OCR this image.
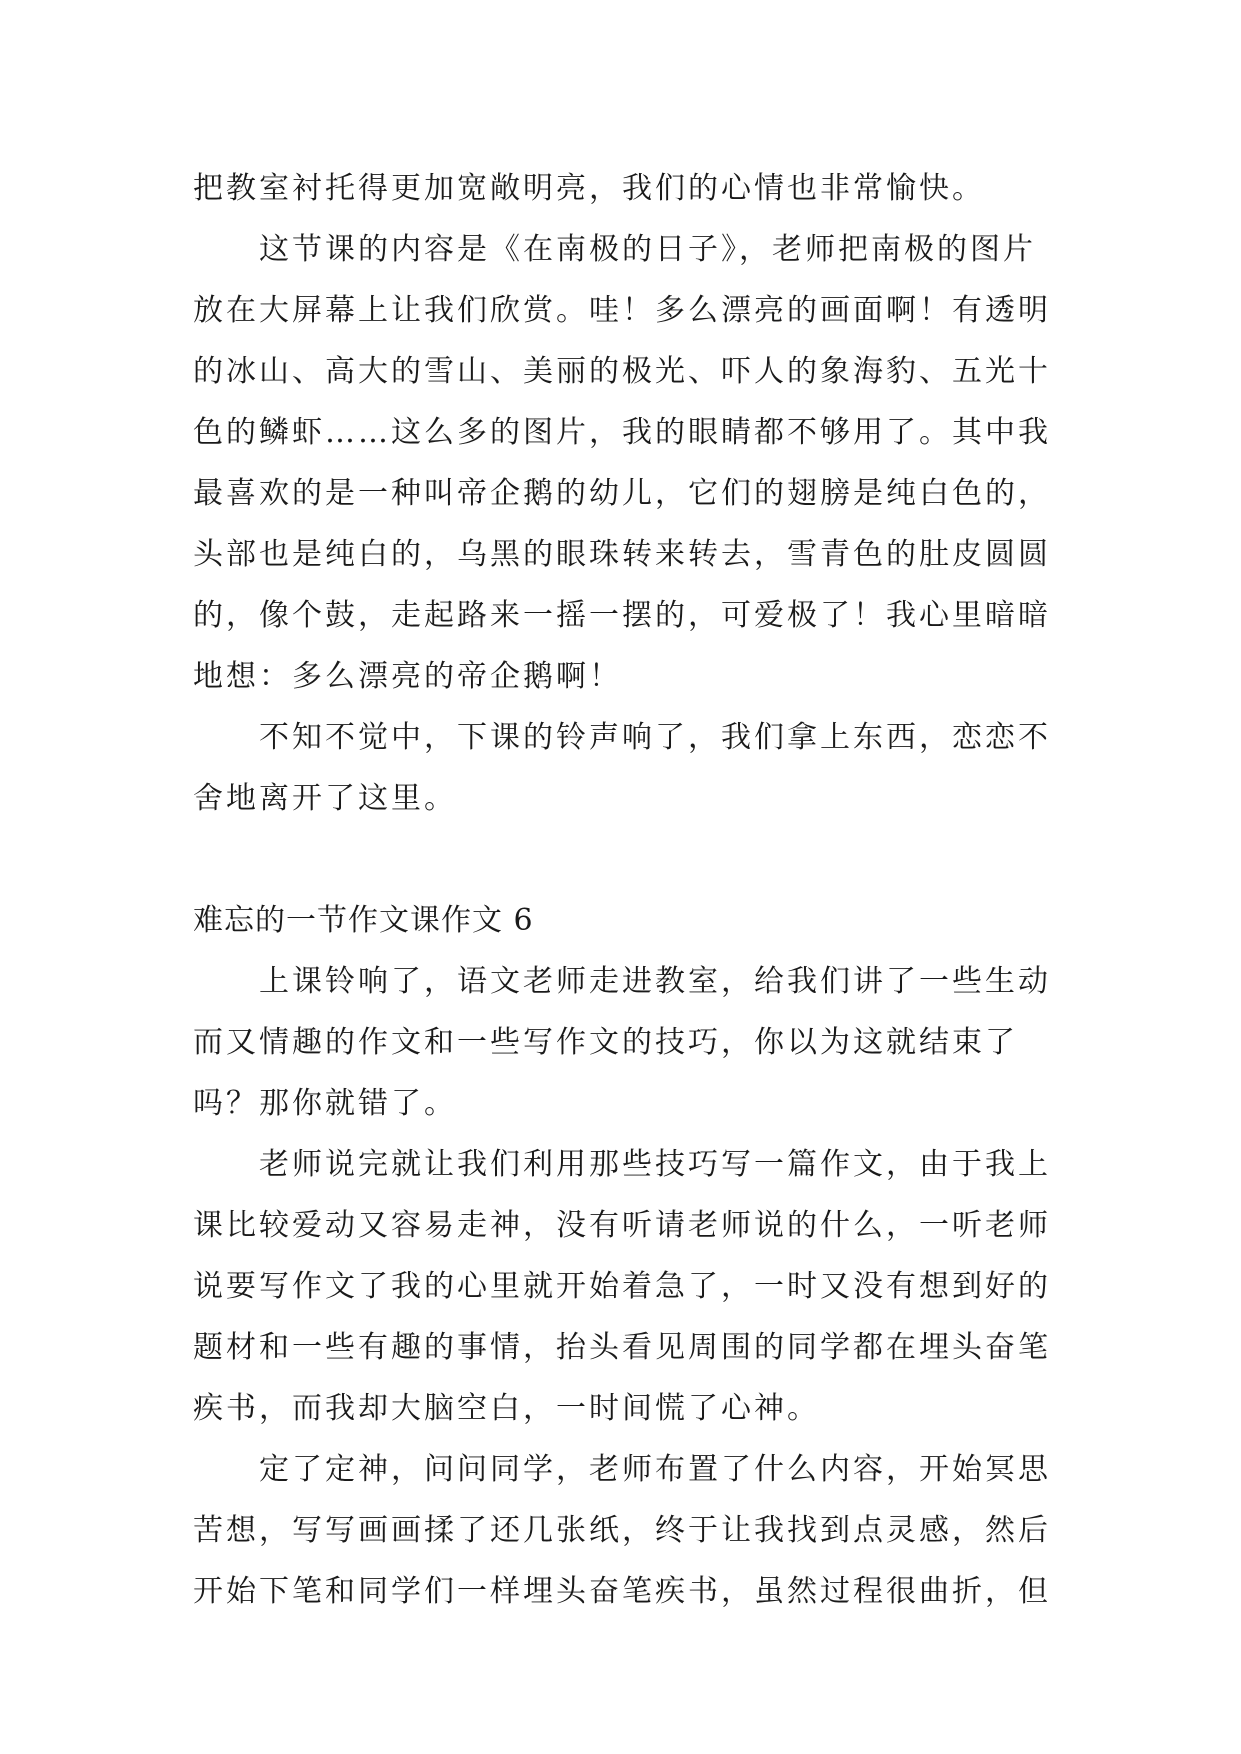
把教室衬托得更加宽敞明亮，我们的心情也非常愉快。
这节课的内容是《在南极的日子》，老师把南极的图片
放在大屏幕上让我们欣赏。哇！多么漂亮的画面啊！有透明
的冰山、高大的雪山、美丽的极光、吓人的象海豹、五光十
色的鳞虾……这么多的图片，我的眼睛都不够用了。其中我
最喜欢的是一种叫帝企鹅的幼儿，它们的翅膀是纯白色的，
头部也是纯白的，乌黑的眼珠转来转去，雪青色的肚皮圆圆
的，像个鼓，走起路来一摇一摆的，可爱极了！我心里暗暗
地想：多么漂亮的帝企鹅啊！
不知不觉中，下课的铃声响了，我们拿上东西，恋恋不
舍地离开了这里。
难忘的一节作文课作文 6
上课铃响了，语文老师走进教室，给我们讲了一些生动
而又情趣的作文和一些写作文的技巧，你以为这就结束了
吗？那你就错了。
老师说完就让我们利用那些技巧写一篇作文，由于我上
课比较爱动又容易走神，没有听请老师说的什么，一听老师
说要写作文了我的心里就开始着急了，一时又没有想到好的
题材和一些有趣的事情，抬头看见周围的同学都在埋头奋笔
疾书，而我却大脑空白，一时间慌了心神。
定了定神，问问同学，老师布置了什么内容，开始冥思
苦想，写写画画揉了还几张纸，终于让我找到点灵感，然后
开始下笔和同学们一样埋头奋笔疾书，虽然过程很曲折，但
